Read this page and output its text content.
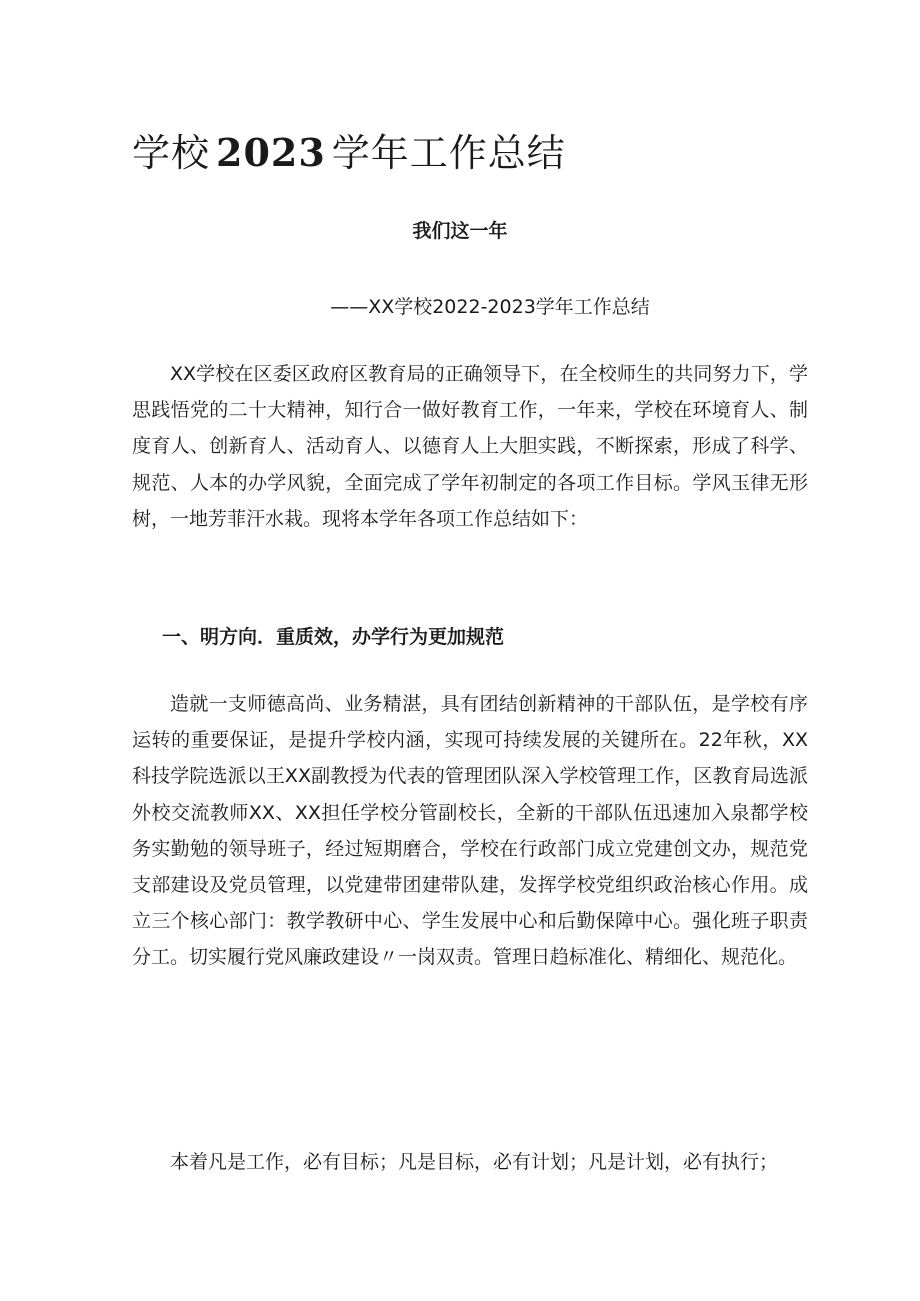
学校 2023 学年工作总结

我们这一年

——XX学校2022-2023学年工作总结

XX学校在区委区政府区教育局的正确领导下，在全校师生的共同努力下，学思践悟党的二十大精神，知行合一做好教育工作，一年来，学校在环境育人、制度育人、创新育人、活动育人、以德育人上大胆实践，不断探索，形成了科学、规范、人本的办学风貌，全面完成了学年初制定的各项工作目标。学风玉律无形树，一地芳菲汗水栽。现将本学年各项工作总结如下：

一、明方向．重质效，办学行为更加规范

造就一支师德高尚、业务精湛，具有团结创新精神的干部队伍，是学校有序运转的重要保证，是提升学校内涵，实现可持续发展的关键所在。22年秋，XX科技学院选派以王XX副教授为代表的管理团队深入学校管理工作，区教育局选派外校交流教师XX、XX担任学校分管副校长，全新的干部队伍迅速加入泉都学校务实勤勉的领导班子，经过短期磨合，学校在行政部门成立党建创文办，规范党支部建设及党员管理，以党建带团建带队建，发挥学校党组织政治核心作用。成立三个核心部门：教学教研中心、学生发展中心和后勤保障中心。强化班子职责分工。切实履行党风廉政建设〃一岗双责。管理日趋标准化、精细化、规范化。

本着凡是工作，必有目标；凡是目标，必有计划；凡是计划，必有执行；
